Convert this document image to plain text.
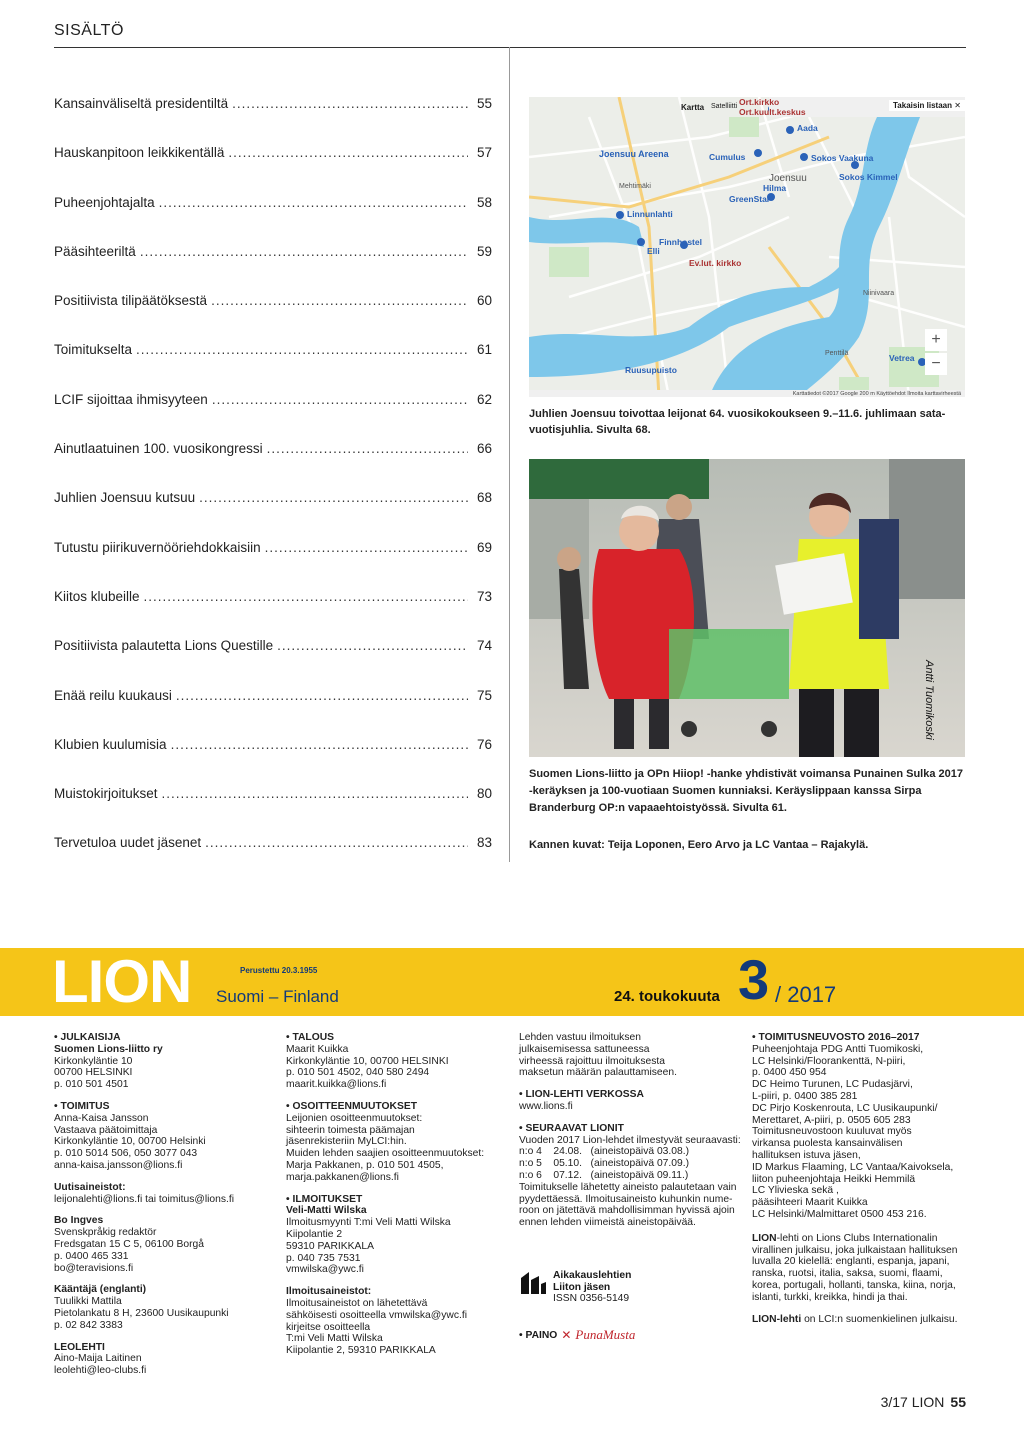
SISÄLTÖ
Kansainväliseltä presidentiltä .....	55
Hauskanpitoon leikkikentällä .....	57
Puheenjohtajalta .....	58
Pääsihteeriltä .....	59
Positiivista tilipäätöksestä .....	60
Toimitukselta .....	61
LCIF sijoittaa ihmisyyteen .....	62
Ainutlaatuinen 100. vuosikongressi .....	66
Juhlien Joensuu kutsuu .....	68
Tutustu piirikuvernööriehdokkaisiin .....	69
Kiitos klubeille .....	73
Positiivista palautetta Lions Questille .....	74
Enää reilu kuukausi .....	75
Klubien kuulumisia .....	76
Muistokirjoitukset .....	80
Tervetuloa uudet jäsenet .....	83
Kartta Satelliitti Ort.kirkko
Ort.kuult.keskus
Aada
Joensuu Areena
Mehtimäki
Cumulus	Sokos Vaakuna
Sokos Kimmel
Joensuu
Hilma
GreenStar
Linnunlahti
Finnhostel
Elli
Ev.lut. kirkko
Niinivaara
Penttilä	Vetrea
Ruusupuisto
Takaisin listaan ✕
+
−
Karttatiedot ©2017 Google 200 m Käyttöehdot Ilmoita karttavirheestä
Juhlien Joensuu toivottaa leijonat 64. vuosikokoukseen 9.–11.6. juhlimaan sata-vuotisjuhlia. Sivulta 68.
Antti Tuomikoski
Suomen Lions-liitto ja OPn Hiiop! -hanke yhdistivät voimansa Punainen Sulka 2017 -keräyksen ja 100-vuotiaan Suomen kunniaksi. Keräyslippaan kanssa Sirpa Branderburg OP:n vapaaehtoistyössä. Sivulta 61.
Kannen kuvat: Teija Loponen, Eero Arvo ja LC Vantaa – Rajakylä.
LION	Perustettu 20.3.1955
Suomi – Finland	24. toukokuuta 3 / 2017

• JULKAISIJA
Suomen Lions-liitto ry
Kirkonkyläntie 10
00700 HELSINKI
p. 010 501 4501

• TOIMITUS
Anna-Kaisa Jansson
Vastaava päätoimittaja
Kirkonkyläntie 10, 00700 Helsinki
p. 010 5014 506, 050 3077 043
anna-kaisa.jansson@lions.fi

Uutisaineistot:
leijonalehti@lions.fi tai toimitus@lions.fi

Bo Ingves
Svenskpråkig redaktör
Fredsgatan 15 C 5, 06100 Borgå
p. 0400 465 331
bo@teravisions.fi

Kääntäjä (englanti)
Tuulikki Mattila
Pietolankatu 8 H, 23600 Uusikaupunki
p. 02 842 3383

LEOLEHTI
Aino-Maija Laitinen
leolehti@leo-clubs.fi

• TALOUS
Maarit Kuikka
Kirkonkyläntie 10, 00700 HELSINKI
p. 010 501 4502, 040 580 2494
maarit.kuikka@lions.fi

• OSOITTEENMUUTOKSET
Leijonien osoitteenmuutokset:
sihteerin toimesta päämajan
jäsenrekisteriin MyLCI:hin.
Muiden lehden saajien osoitteenmuutokset:
Marja Pakkanen, p. 010 501 4505,
marja.pakkanen@lions.fi

• ILMOITUKSET
Veli-Matti Wilska
Ilmoitusmyynti T:mi Veli Matti Wilska
Kiipolantie 2
59310 PARIKKALA
p. 040 735 7531
vmwilska@ywc.fi

Ilmoitusaineistot:
Ilmoitusaineistot on lähetettävä
sähköisesti osoitteella vmwilska@ywc.fi
kirjeitse osoitteella
T:mi Veli Matti Wilska
Kiipolantie 2, 59310 PARIKKALA

Lehden vastuu ilmoituksen
julkaisemisessa sattuneessa
virheessä rajoittuu ilmoituksesta
maksetun määrän palauttamiseen.

• LION-LEHTI VERKOSSA
www.lions.fi

• SEURAAVAT LIONIT
Vuoden 2017 Lion-lehdet ilmestyvät seuraavasti:
n:o 4    24.08.   (aineistopäivä 03.08.)
n:o 5    05.10.   (aineistopäivä 07.09.)
n:o 6    07.12.   (aineistopäivä 09.11.)
Toimitukselle lähetetty aineisto palautetaan vain
pyydettäessä. Ilmoitusaineisto kuhunkin nume-
roon on jätettävä mahdollisimman hyvissä ajoin
ennen lehden viimeistä aineistopäivää.

Aikakauslehtien
Liiton jäsen
ISSN 0356-5149
• PAINO ✕ PunaMusta

• TOIMITUSNEUVOSTO 2016–2017
Puheenjohtaja PDG Antti Tuomikoski,
LC Helsinki/Floorankenttä, N-piiri,
p. 0400 450 954
DC Heimo Turunen, LC Pudasjärvi,
L-piiri, p. 0400 385 281
DC Pirjo Koskenrouta, LC Uusikaupunki/
Merettaret, A-piiri, p. 0505 605 283
Toimitusneuvostoon kuuluvat myös
virkansa puolesta kansainvälisen
hallituksen istuva jäsen,
ID Markus Flaaming, LC Vantaa/Kaivoksela,
liiton puheenjohtaja Heikki Hemmilä
LC Ylivieska sekä ,
pääsihteeri Maarit Kuikka
LC Helsinki/Malmittaret 0500 453 216.

LION-lehti on Lions Clubs Internationalin virallinen julkaisu, joka julkaistaan hallituksen luvalla 20 kielellä: englanti, espanja, japani, ranska, ruotsi, italia, saksa, suomi, flaami, korea, portugali, hollanti, tanska, kiina, norja, islanti, turkki, kreikka, hindi ja thai.

LION-lehti on LCI:n suomenkielinen julkaisu.

3/17 LION 55
